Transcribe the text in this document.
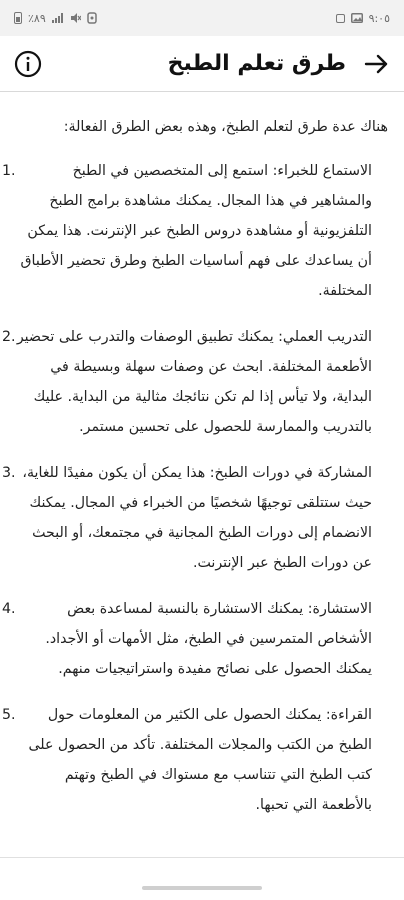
٪٨٩	٩:٠٥
طرق تعلم الطبخ

هناك عدة طرق لتعلم الطبخ، وهذه بعض الطرق الفعالة:

1.	الاستماع للخبراء: استمع إلى المتخصصين في الطبخ والمشاهير في هذا المجال. يمكنك مشاهدة برامج الطبخ التلفزيونية أو مشاهدة دروس الطبخ عبر الإنترنت. هذا يمكن أن يساعدك على فهم أساسيات الطبخ وطرق تحضير الأطباق المختلفة.
2. التدريب العملي: يمكنك تطبيق الوصفات والتدرب على تحضير الأطعمة المختلفة. ابحث عن وصفات سهلة وبسيطة في البداية، ولا تيأس إذا لم تكن نتائجك مثالية من البداية. عليك بالتدريب والممارسة للحصول على تحسين مستمر.
3. المشاركة في دورات الطبخ: هذا يمكن أن يكون مفيدًا للغاية، حيث ستتلقى توجيهًا شخصيًا من الخبراء في المجال. يمكنك الانضمام إلى دورات الطبخ المجانية في مجتمعك، أو البحث عن دورات الطبخ عبر الإنترنت.
4.	الاستشارة: يمكنك الاستشارة بالنسبة لمساعدة بعض الأشخاص المتمرسين في الطبخ، مثل الأمهات أو الأجداد. يمكنك الحصول على نصائح مفيدة واستراتيجيات منهم.
5. القراءة: يمكنك الحصول على الكثير من المعلومات حول الطبخ من الكتب والمجلات المختلفة. تأكد من الحصول على كتب الطبخ التي تتناسب مع مستواك في الطبخ وتهتم بالأطعمة التي تحبها.
